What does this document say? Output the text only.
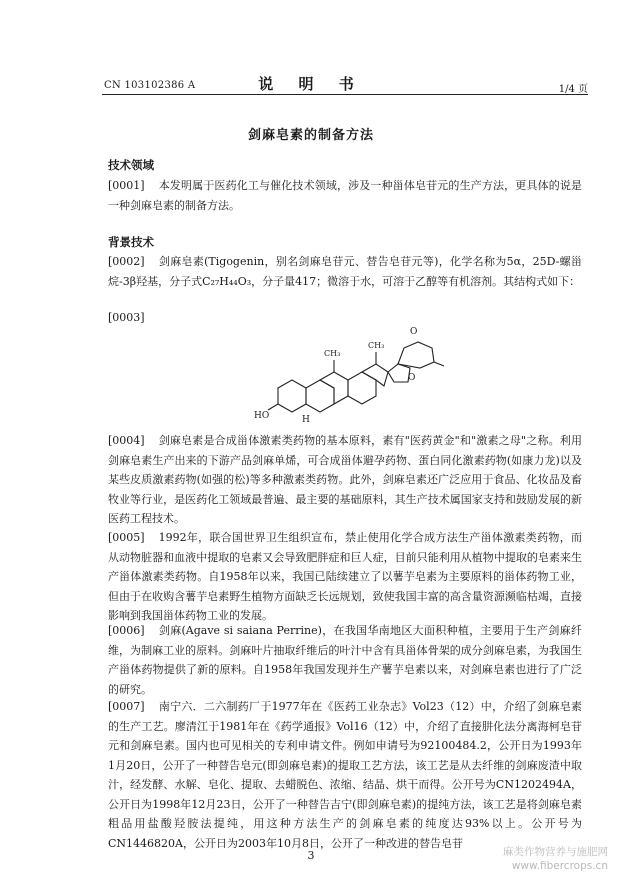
CN 103102386 A	说 明 书	1/4 页
剑麻皂素的制备方法
技术领域
[0001] 本发明属于医药化工与催化技术领域，涉及一种甾体皂苷元的生产方法，更具体的说是一种剑麻皂素的制备方法。
背景技术
[0002] 剑麻皂素(Tigogenin，别名剑麻皂苷元、替告皂苷元等)，化学名称为5α，25D-螺甾烷-3β羟基，分子式C₂₇H₄₄O₃，分子量417；微溶于水，可溶于乙醇等有机溶剂。其结构式如下：
[0003]
HO	H
O
O
CH₃
CH₃
[0004] 剑麻皂素是合成甾体激素类药物的基本原料，素有"医药黄金"和"激素之母"之称。利用剑麻皂素生产出来的下游产品剑麻单烯，可合成甾体避孕药物、蛋白同化激素药物(如康力龙)以及某些皮质激素药物(如强的松)等多种激素类药物。此外，剑麻皂素还广泛应用于食品、化妆品及畜牧业等行业，是医药化工领域最普遍、最主要的基础原料，其生产技术属国家支持和鼓励发展的新医药工程技术。
[0005] 1992年，联合国世界卫生组织宣布，禁止使用化学合成方法生产甾体激素类药物，而从动物脏器和血液中提取的皂素又会导致肥胖症和巨人症，目前只能利用从植物中提取的皂素来生产甾体激素类药物。自1958年以来，我国已陆续建立了以薯芋皂素为主要原料的甾体药物工业，但由于在收购含薯芋皂素野生植物方面缺乏长远规划，致使我国丰富的高含量资源濒临枯竭，直接影响到我国甾体药物工业的发展。
[0006] 剑麻(Agave si saiana Perrine)，在我国华南地区大面积种植，主要用于生产剑麻纤维，为制麻工业的原料。剑麻叶片抽取纤维后的叶汁中含有具甾体骨架的成分剑麻皂素，为我国生产甾体药物提供了新的原料。自1958年我国发现并生产薯芋皂素以来，对剑麻皂素也进行了广泛的研究。
[0007] 南宁六．二六制药厂于1977年在《医药工业杂志》Vol23（12）中，介绍了剑麻皂素的生产工艺。廖清江于1981年在《药学通报》Vol16（12）中，介绍了直接肼化法分离海柯皂苷元和剑麻皂素。国内也可见相关的专利申请文件。例如申请号为92100484.2，公开日为1993年1月20日，公开了一种替告皂元(即剑麻皂素)的提取工艺方法，该工艺是从去纤维的剑麻废渣中取汁，经发酵、水解、皂化、提取、去蜡脱色、浓缩、结晶、烘干而得。公开号为CN1202494A，公开日为1998年12月23日，公开了一种替告吉宁(即剑麻皂素)的提纯方法，该工艺是将剑麻皂素粗品用盐酸羟胺法提纯，用这种方法生产的剑麻皂素的纯度达93%以上。公开号为CN1446820A，公开日为2003年10月8日，公开了一种改进的替告皂苷
3	麻类作物营养与施肥网
www.fibercrops.cn
